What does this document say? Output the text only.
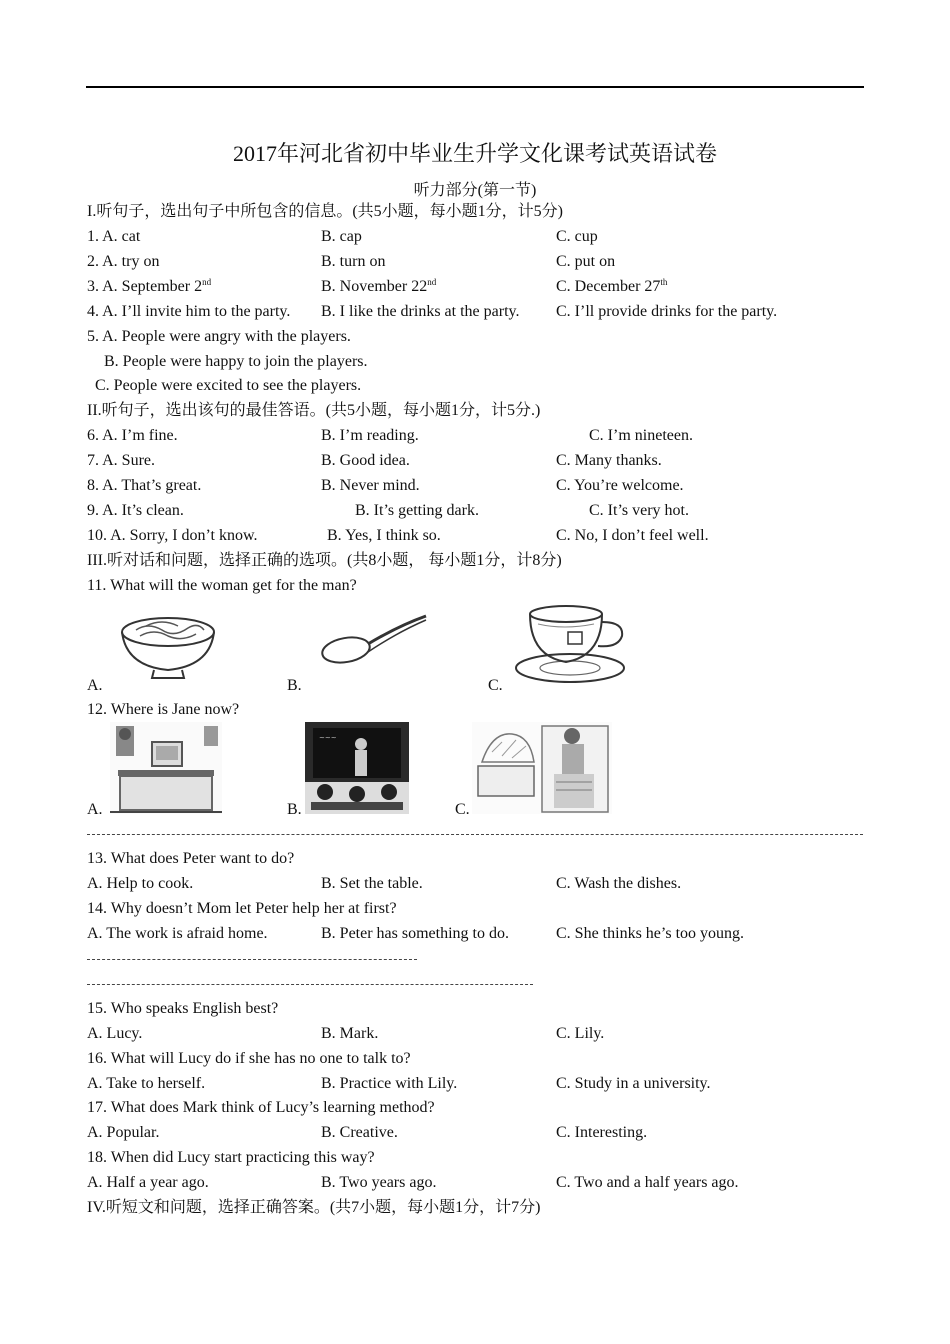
2017年河北省初中毕业生升学文化课考试英语试卷
听力部分(第一节)
I.听句子，选出句子中所包含的信息。(共5小题，每小题1分，计5分)
1. A. cat	B. cap	C. cup
2. A. try on	B. turn on	C. put on
3. A. September 2nd	B. November 22nd	C. December 27th
4. A. I’ll invite him to the party. B. I like the drinks at the party. C. I’ll provide drinks for the party.
5. A. People were angry with the players.
B. People were happy to join the players.
C. People were excited to see the players.
II.听句子，选出该句的最佳答语。(共5小题，每小题1分，计5分.)
6. A. I’m fine.	B. I’m reading.	C. I’m nineteen.
7. A. Sure.	B. Good idea.	C. Many thanks.
8. A. That’s great.	B. Never mind.	C. You’re welcome.
9. A. It’s clean.	B. It’s getting dark.	C. It’s very hot.
10. A. Sorry, I don’t know.	B. Yes, I think so.	C. No, I don’t feel well.
III.听对话和问题，选择正确的选项。(共8小题， 每小题1分，计8分)
11. What will the woman get for the man?
A.	B.	C.
12. Where is Jane now?
~~~
A.	B.	C.
13. What does Peter want to do?
A. Help to cook.	B. Set the table.	C. Wash the dishes.
14. Why doesn’t Mom let Peter help her at first?
A. The work is afraid home.	B. Peter has something to do.	C. She thinks he’s too young.
15. Who speaks English best?
A. Lucy.	B. Mark.	C. Lily.
16. What will Lucy do if she has no one to talk to?
A. Take to herself.	B. Practice with Lily.	C. Study in a university.
17. What does Mark think of Lucy’s learning method?
A. Popular.	B. Creative.	C. Interesting.
18. When did Lucy start practicing this way?
A. Half a year ago.	B. Two years ago.	C. Two and a half years ago.
IV.听短文和问题，选择正确答案。(共7小题，每小题1分，计7分)
